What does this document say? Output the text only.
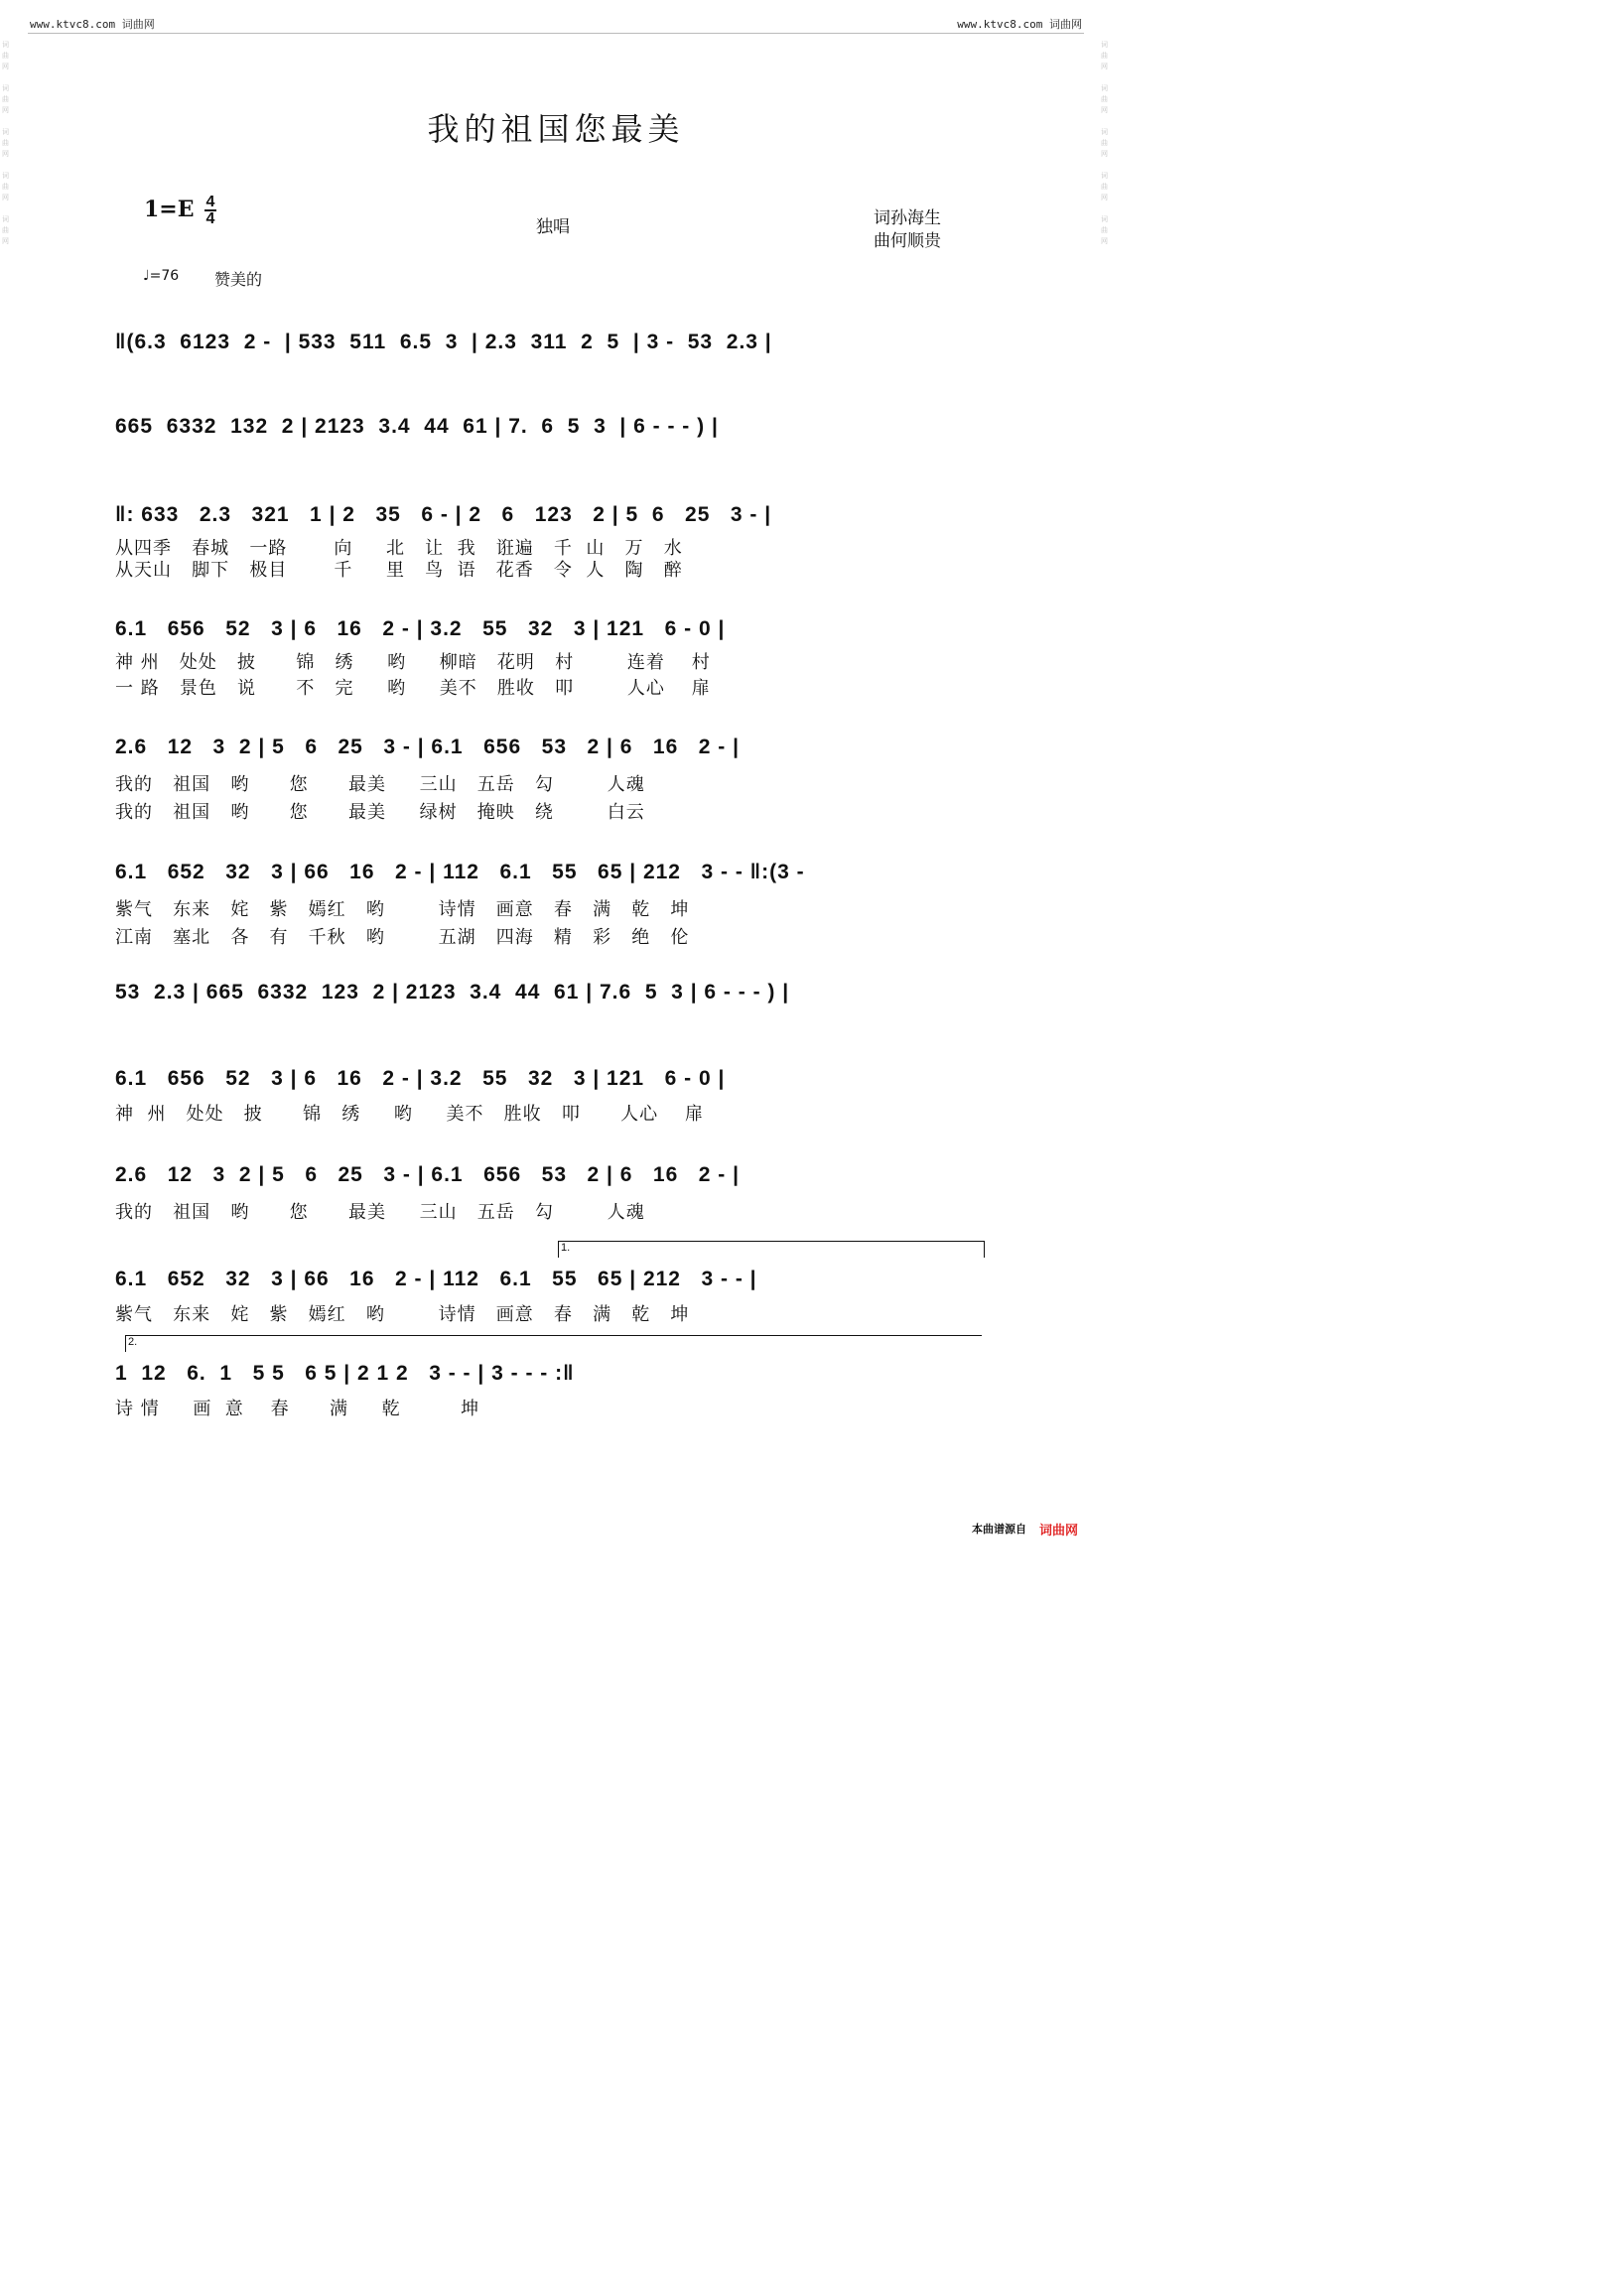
www.ktvc8.com 词曲网	www.ktvc8.com 词曲网
词曲网

词曲网

词曲网

词曲网

词曲网
词曲网

词曲网

词曲网

词曲网

词曲网
我的祖国您最美
1=E 4
4	独唱	词孙海生
曲何顺贵
♩=76 赞美的
‖(6.3  6123  2 -  | 533  511  6.5  3  | 2.3  311  2  5  | 3 -  53  2.3 |
665  6332  132  2 | 2123  3.4  44  61 | 7.  6  5  3  | 6 - - - ) |
‖: 633   2.3   321   1 | 2   35   6 - | 2   6   123   2 | 5  6   25   3 - |
从四季   春城   一路       向     北   让  我   诳遍   千  山   万   水
从天山   脚下   极目       千     里   鸟  语   花香   令  人   陶   醉
6.1   656   52   3 | 6   16   2 - | 3.2   55   32   3 | 121   6 - 0 |
神 州   处处   披      锦   绣     哟     柳暗   花明   村        连着    村
一 路   景色   说      不   完     哟     美不   胜收   叩        人心    扉
2.6   12   3  2 | 5   6   25   3 - | 6.1   656   53   2 | 6   16   2 - |
我的   祖国   哟      您      最美     三山   五岳   勾        人魂
我的   祖国   哟      您      最美     绿树   掩映   绕        白云
6.1   652   32   3 | 66   16   2 - | 112   6.1   55   65 | 212   3 - - ‖:(3 -
紫气   东来   姹   紫   嫣红   哟        诗情   画意   春   满   乾   坤
江南   塞北   各   有   千秋   哟        五湖   四海   精   彩   绝   伦
53  2.3 | 665  6332  123  2 | 2123  3.4  44  61 | 7.6  5  3 | 6 - - - ) |
6.1   656   52   3 | 6   16   2 - | 3.2   55   32   3 | 121   6 - 0 |
神  州   处处   披      锦   绣     哟     美不   胜收   叩      人心    扉
2.6   12   3  2 | 5   6   25   3 - | 6.1   656   53   2 | 6   16   2 - |
我的   祖国   哟      您      最美     三山   五岳   勾        人魂
1.
6.1   652   32   3 | 66   16   2 - | 112   6.1   55   65 | 212   3 - - |
紫气   东来   姹   紫   嫣红   哟        诗情   画意   春   满   乾   坤
2.
1  12   6.  1   5 5   6 5 | 2 1 2   3 - - | 3 - - - :‖
诗 情     画  意    春      满     乾         坤
本曲谱源自 词曲网
